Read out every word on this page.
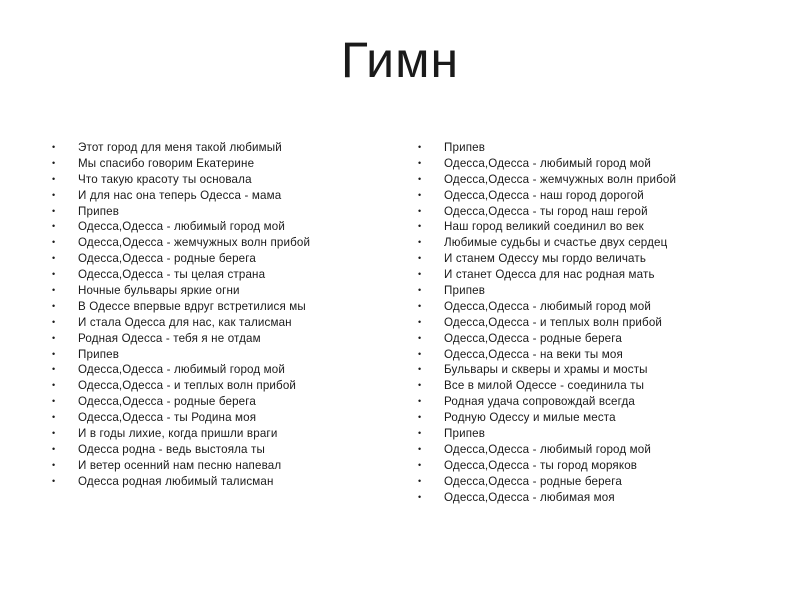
Гимн
• Этот город для меня такой любимый
• Мы спасибо говорим Екатерине
• Что такую красоту ты основала
• И для нас она теперь Одесса - мама
• Припев
• Одесса,Одесса - любимый город мой
• Одесса,Одесса - жемчужных волн прибой
• Одесса,Одесса - родные берега
• Одесса,Одесса - ты целая страна
• Ночные бульвары яркие огни
• В Одессе впервые вдруг встретилися мы
• И стала Одесса для нас, как талисман
• Родная Одесса - тебя я не отдам
• Припев
• Одесса,Одесса - любимый город мой
• Одесса,Одесса - и теплых волн прибой
• Одесса,Одесса - родные берега
• Одесса,Одесса - ты Родина моя
• И в годы лихие, когда пришли враги
• Одесса родна - ведь выстояла ты
• И ветер осенний нам песню напевал
• Одесса родная любимый талисман
• Припев
• Одесса,Одесса - любимый город мой
• Одесса,Одесса - жемчужных волн прибой
• Одесса,Одесса - наш город дорогой
• Одесса,Одесса - ты город наш герой
• Наш город великий соединил во век
• Любимые судьбы и счастье двух сердец
• И станем Одессу мы гордо величать
• И станет Одесса для нас родная мать
• Припев
• Одесса,Одесса - любимый город мой
• Одесса,Одесса - и теплых волн прибой
• Одесса,Одесса - родные берега
• Одесса,Одесса - на веки ты моя
• Бульвары и скверы и храмы и мосты
• Все в милой Одессе - соединила ты
• Родная удача сопровождай всегда
• Родную Одессу и милые места
• Припев
• Одесса,Одесса - любимый город мой
• Одесса,Одесса - ты город моряков
• Одесса,Одесса - родные берега
• Одесса,Одесса - любимая моя
